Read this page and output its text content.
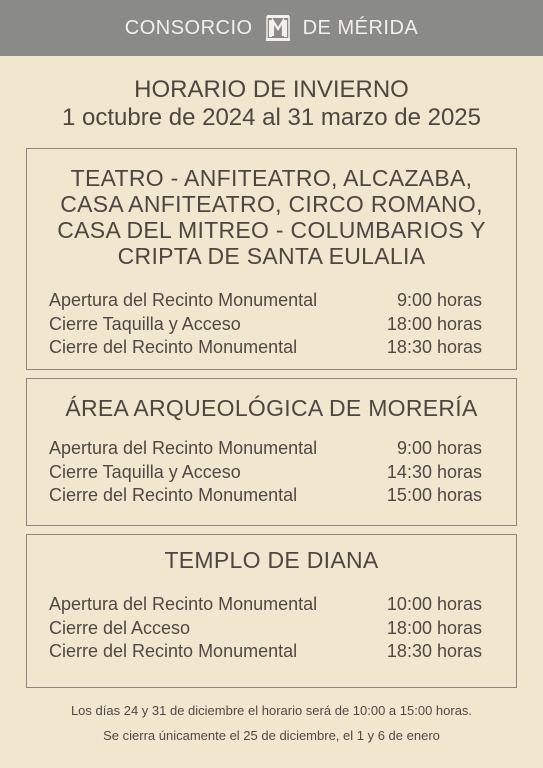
CONSORCIO	DE MÉRIDA
HORARIO DE INVIERNO
1 octubre de 2024 al 31 marzo de 2025
TEATRO - ANFITEATRO, ALCAZABA,
CASA ANFITEATRO, CIRCO ROMANO,
CASA DEL MITREO - COLUMBARIOS Y
CRIPTA DE SANTA EULALIA
Apertura del Recinto Monumental	9:00 horas
Cierre Taquilla y Acceso	18:00 horas
Cierre del Recinto Monumental	18:30 horas
ÁREA ARQUEOLÓGICA DE MORERÍA
Apertura del Recinto Monumental	9:00 horas
Cierre Taquilla y Acceso	14:30 horas
Cierre del Recinto Monumental	15:00 horas
TEMPLO DE DIANA
Apertura del Recinto Monumental	10:00 horas
Cierre del Acceso	18:00 horas
Cierre del Recinto Monumental	18:30 horas
Los días 24 y 31 de diciembre el horario será de 10:00 a 15:00 horas.
Se cierra únicamente el 25 de diciembre, el 1 y 6 de enero
